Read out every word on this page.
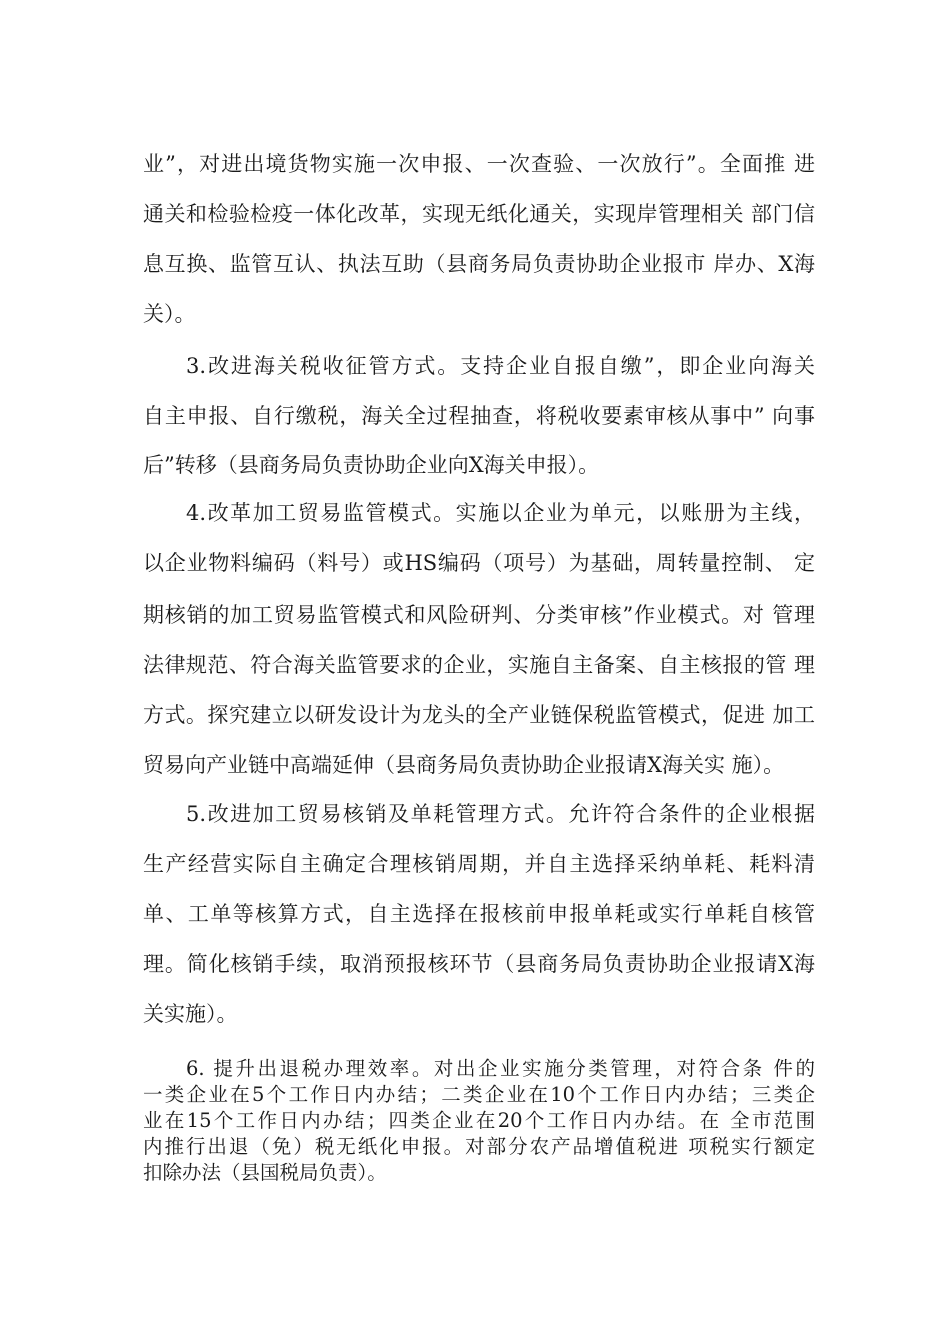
业”，对进出境货物实施一次申报、一次查验、一次放行”。全面推 进
通关和检验检疫一体化改革，实现无纸化通关，实现岸管理相关 部门信
息互换、监管互认、执法互助（县商务局负责协助企业报市 岸办、X海
关）。
3.改进海关税收征管方式。支持企业自报自缴”，即企业向海关
自主申报、自行缴税，海关全过程抽查，将税收要素审核从事中” 向事
后”转移（县商务局负责协助企业向X海关申报）。
4.改革加工贸易监管模式。实施以企业为单元，以账册为主线，
以企业物料编码（料号）或HS编码（项号）为基础，周转量控制、 定
期核销的加工贸易监管模式和风险研判、分类审核”作业模式。对 管理
法律规范、符合海关监管要求的企业，实施自主备案、自主核报的管 理
方式。探究建立以研发设计为龙头的全产业链保税监管模式，促进 加工
贸易向产业链中高端延伸（县商务局负责协助企业报请X海关实 施）。
5.改进加工贸易核销及单耗管理方式。允许符合条件的企业根据
生产经营实际自主确定合理核销周期，并自主选择采纳单耗、耗料清
单、工单等核算方式，自主选择在报核前申报单耗或实行单耗自核管
理。简化核销手续，取消预报核环节（县商务局负责协助企业报请X海
关实施）。
6. 提升出退税办理效率。对出企业实施分类管理，对符合条 件的
一类企业在5个工作日内办结；二类企业在10个工作日内办结；三类企
业在15个工作日内办结；四类企业在20个工作日内办结。在 全市范围
内推行出退（免）税无纸化申报。对部分农产品增值税进 项税实行额定
扣除办法（县国税局负责）。
